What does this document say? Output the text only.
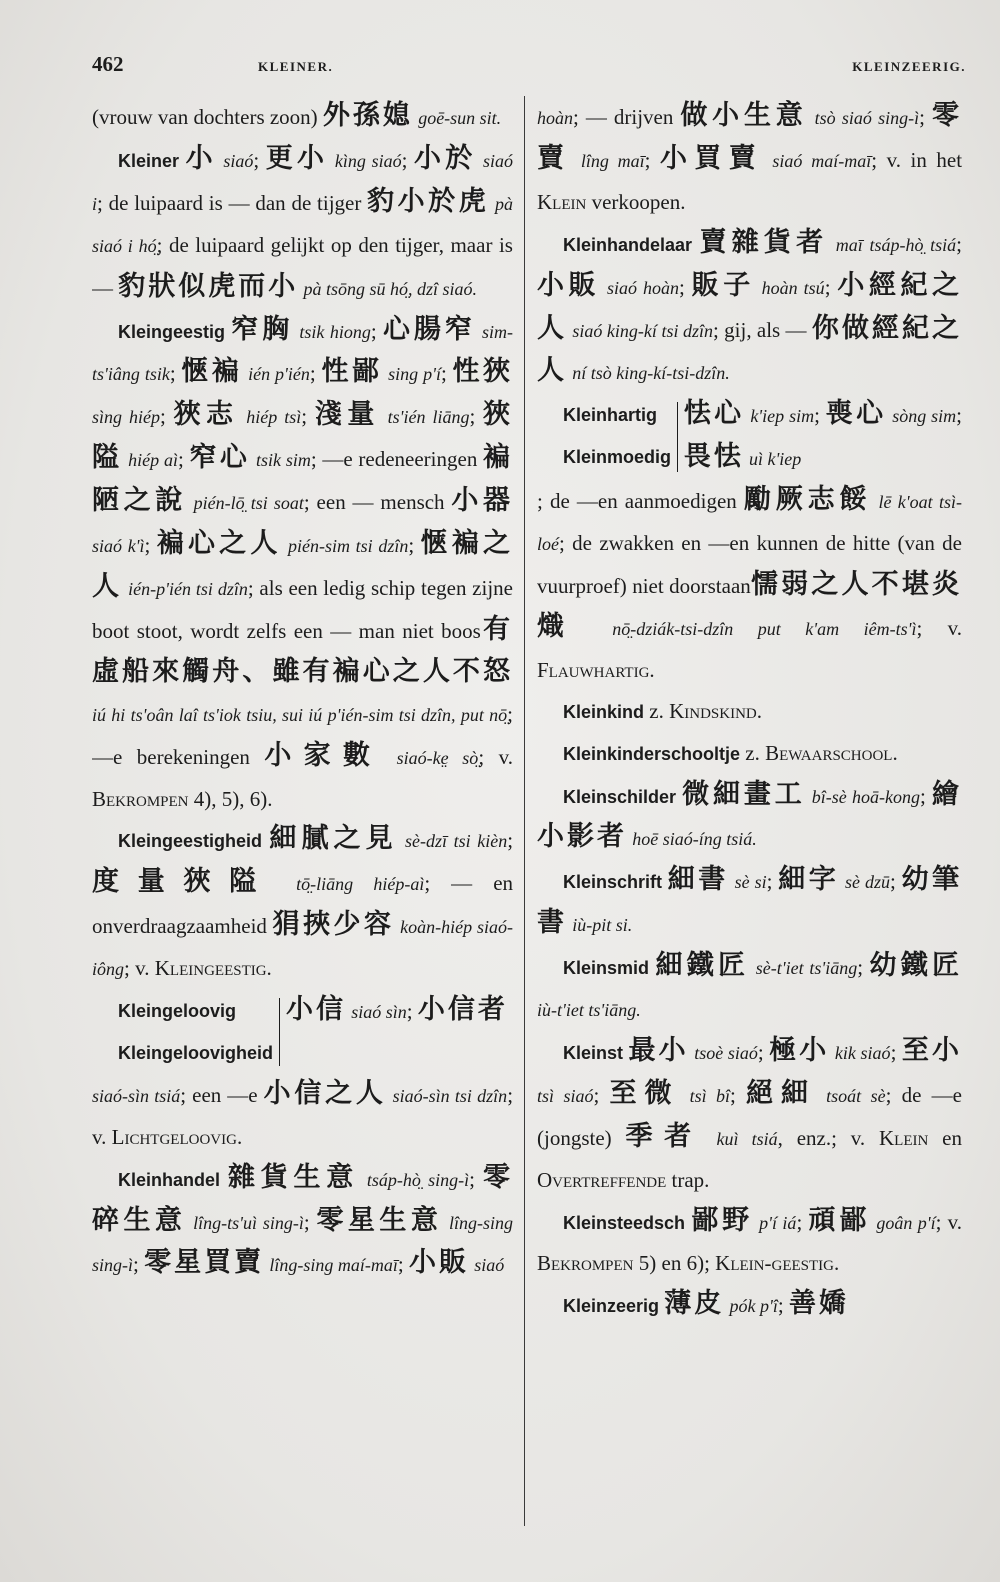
462	KLEINER.	KLEINZEERIG.

(vrouw van dochters zoon) 外孫媳 goē-sun sit.

Kleiner 小 siaó; 更小 kìng siaó; 小於 siaó i; de luipaard is — dan de tijger 豹小於虎 pà siaó i hó̤; de luipaard gelijkt op den tijger, maar is — 豹狀似虎而小 pà tsōng sū hó̤, dzî siaó.

Kleingeestig 窄胸 tsik hiong; 心腸窄 sim-ts'iâng tsik; 愜褊 ién p'ién; 性鄙 sing p'í; 性狹 sìng hiép; 狹志 hiép tsì; 淺量 ts'ién liāng; 狹隘 hiép aì; 窄心 tsik sim; —e redeneeringen 褊陋之說 pién-lō̤ tsi soat; een — mensch 小器 siaó k'ì; 褊心之人 pién-sim tsi dzîn; 愜褊之人 ién-p'ién tsi dzîn; als een ledig schip tegen zijne boot stoot, wordt zelfs een — man niet boos有虛船來觸舟、雖有褊心之人不怒 iú hi ts'oân laî ts'iok tsiu, sui iú p'ién-sim tsi dzîn, put nō̤; —e berekeningen 小家數 siaó-ke̤ sò̤; v. Bekrompen 4), 5), 6).

Kleingeestigheid 細膩之見 sè-dzī tsi kièn; 度量狹隘 tō̤-liāng hiép-aì; — en onverdraagzaamheid 狷挾少容 koàn-hiép siaó-iông; v. Kleingeestig.

Kleingeloovig
Kleingeloovigheid

小信 siaó sìn; 小信者

siaó-sìn tsiá; een —e 小信之人 siaó-sìn tsi dzîn; v. Lichtgeloovig.

Kleinhandel 雜貨生意 tsáp-hò̤ sing-ì; 零碎生意 lîng-ts'uì sing-ì; 零星生意 lîng-sing sing-ì; 零星買賣 lîng-sing maí-maī; 小販 siaó

hoàn; — drijven 做小生意 tsò siaó sing-ì; 零賣 lîng maī; 小買賣 siaó maí-maī; v. in het Klein verkoopen.

Kleinhandelaar 賣雜貨者 maī tsáp-hò̤ tsiá; 小販 siaó hoàn; 販子 hoàn tsú; 小經紀之人 siaó king-kí tsi dzîn; gij, als — 你做經紀之人 ní tsò king-kí-tsi-dzîn.

Kleinhartig
Kleinmoedig

怯心 k'iep sim; 喪心 sòng sim; 畏怯 uì k'iep

; de —en aanmoedigen 勵厥志餒 lē k'oat tsì-loé; de zwakken en —en kunnen de hitte (van de vuurproef) niet doorstaan懦弱之人不堪炎熾 nō̤-dziák-tsi-dzîn put k'am iêm-ts'ì; v. Flauwhartig.

Kleinkind z. Kindskind.

Kleinkinderschooltje z. Bewaarschool.

Kleinschilder 微細畫工 bî-sè hoā-kong; 繪小影者 hoē siaó-íng tsiá.

Kleinschrift 細書 sè si; 細字 sè dzū; 幼筆書 iù-pit si.

Kleinsmid 細鐵匠 sè-t'iet ts'iāng; 幼鐵匠 iù-t'iet ts'iāng.

Kleinst 最小 tsoè siaó; 極小 kik siaó; 至小 tsì siaó; 至微 tsì bî; 絕細 tsoát sè; de —e (jongste) 季者 kuì tsiá, enz.; v. Klein en Overtreffende trap.

Kleinsteedsch 鄙野 p'í iá; 頑鄙 goân p'í; v. Bekrompen 5) en 6); Klein-geestig.

Kleinzeerig 薄皮 pók p'î; 善嬌
